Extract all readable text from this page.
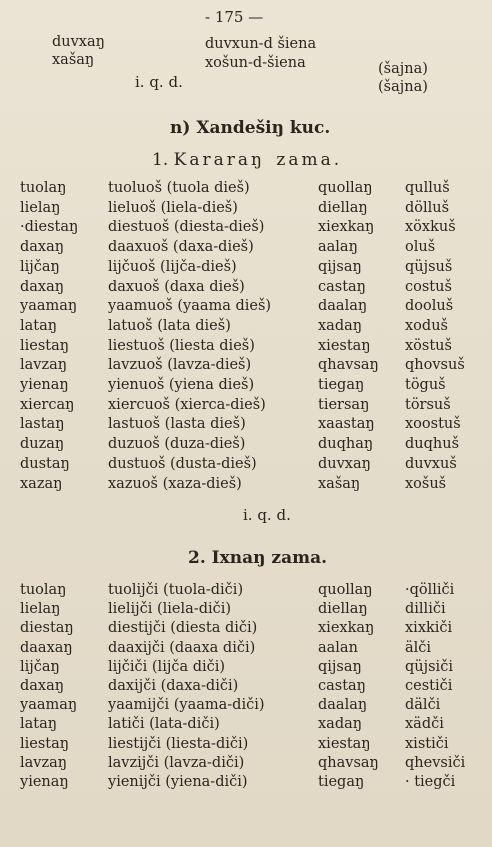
- 175 —
duvxaŋ
xašaŋ
duvxun-d šiena
xošun-d-šiena	(šajna)
(šajna)
i. q. d.
n) Xandešiŋ kuc.
1. Kararaŋ zama.
tuolaŋ	tuoluoš (tuola dieš)	quollaŋ qulluš
lielaŋ	lieluoš (liela-dieš)	diellaŋ	dölluš
·diestaŋ diestuoš (diesta-dieš)	xiexkaŋ xöxkuš
daxaŋ	daaxuoš (daxa-dieš)	aalaŋ	oluš
lijčaŋ	lijčuoš (lijča-dieš)	qijsaŋ	qüjsuš
daxaŋ	daxuoš (daxa dieš)	castaŋ	costuš
yaamaŋ yaamuoš (yaama dieš)	daalaŋ	dooluš
lataŋ	latuoš (lata dieš)	xadaŋ	xoduš
liestaŋ	liestuoš (liesta dieš)	xiestaŋ xöstuš
lavzaŋ	lavzuoš (lavza-dieš)	qhavsaŋ qhovsuš
yienaŋ	yienuoš (yiena dieš)	tiegaŋ	töguš
xiercaŋ xiercuoš (xierca-dieš)	tiersaŋ törsuš
lastaŋ	lastuoš (lasta dieš)	xaastaŋ xoostuš
duzaŋ	duzuoš (duza-dieš)	duqhaŋ duqhuš
dustaŋ	dustuoš (dusta-dieš)	duvxaŋ duvxuš
xazaŋ	xazuoš (xaza-dieš)	xašaŋ	xošuš
i. q. d.
2. Ixnaŋ zama.
tuolaŋ	tuolijči (tuola-diči)	quollaŋ ·qölliči
lielaŋ	lielijči (liela-diči)	diellaŋ	dilliči
diestaŋ diestijči (diesta diči)	xiexkaŋ xixkiči
daaxaŋ daaxijči (daaxa diči)	aalan	älči
lijčaŋ	lijčiči (lijča diči)	qijsaŋ	qüjsiči
daxaŋ	daxijči (daxa-diči)	castaŋ	cestiči
yaamaŋ yaamijči (yaama-diči)	daalaŋ	dälči
lataŋ	latiči (lata-diči)	xadaŋ	xädči
liestaŋ	liestijči (liesta-diči)	xiestaŋ xističi
lavzaŋ	lavzijči (lavza-diči)	qhavsaŋ qhevsiči
yienaŋ	yienijči (yiena-diči)	tiegaŋ	· tiegči
